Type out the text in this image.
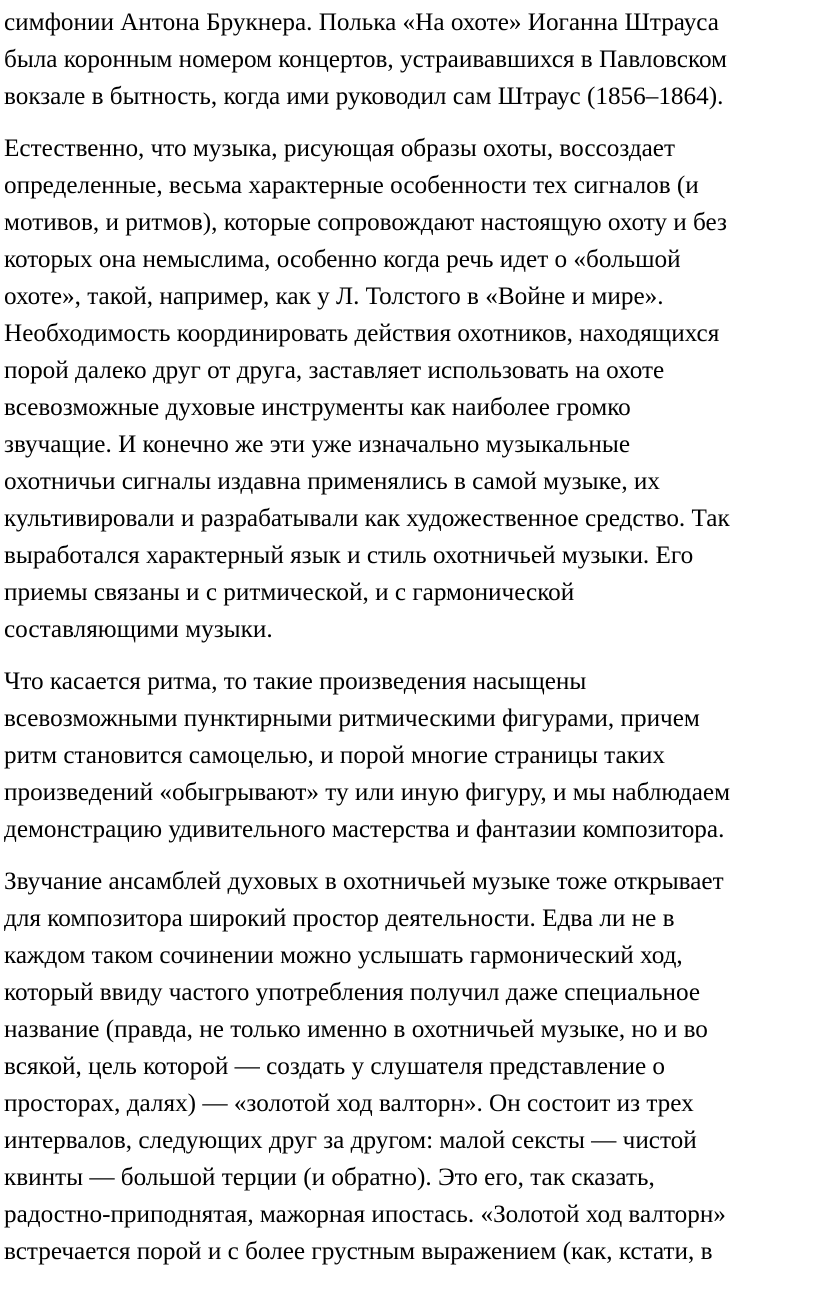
симфонии Антона Брукнера. Полька «На охоте» Иоганна Штрауса
была коронным номером концертов, устраивавшихся в Павловском
вокзале в бытность, когда ими руководил сам Штраус (1856–1864).

Естественно, что музыка, рисующая образы охоты, воссоздает
определенные, весьма характерные особенности тех сигналов (и
мотивов, и ритмов), которые сопровождают настоящую охоту и без
которых она немыслима, особенно когда речь идет о «большой
охоте», такой, например, как у Л. Толстого в «Войне и мире».
Необходимость координировать действия охотников, находящихся
порой далеко друг от друга, заставляет использовать на охоте
всевозможные духовые инструменты как наиболее громко
звучащие. И конечно же эти уже изначально музыкальные
охотничьи сигналы издавна применялись в самой музыке, их
культивировали и разрабатывали как художественное средство. Так
выработался характерный язык и стиль охотничьей музыки. Его
приемы связаны и с ритмической, и с гармонической
составляющими музыки.

Что касается ритма, то такие произведения насыщены
всевозможными пунктирными ритмическими фигурами, причем
ритм становится самоцелью, и порой многие страницы таких
произведений «обыгрывают» ту или иную фигуру, и мы наблюдаем
демонстрацию удивительного мастерства и фантазии композитора.

Звучание ансамблей духовых в охотничьей музыке тоже открывает
для композитора широкий простор деятельности. Едва ли не в
каждом таком сочинении можно услышать гармонический ход,
который ввиду частого употребления получил даже специальное
название (правда, не только именно в охотничьей музыке, но и во
всякой, цель которой — создать у слушателя представление о
просторах, далях) — «золотой ход валторн». Он состоит из трех
интервалов, следующих друг за другом: малой сексты — чистой
квинты — большой терции (и обратно). Это его, так сказать,
радостно-приподнятая, мажорная ипостась. «Золотой ход валторн»
встречается порой и с более грустным выражением (как, кстати, в
